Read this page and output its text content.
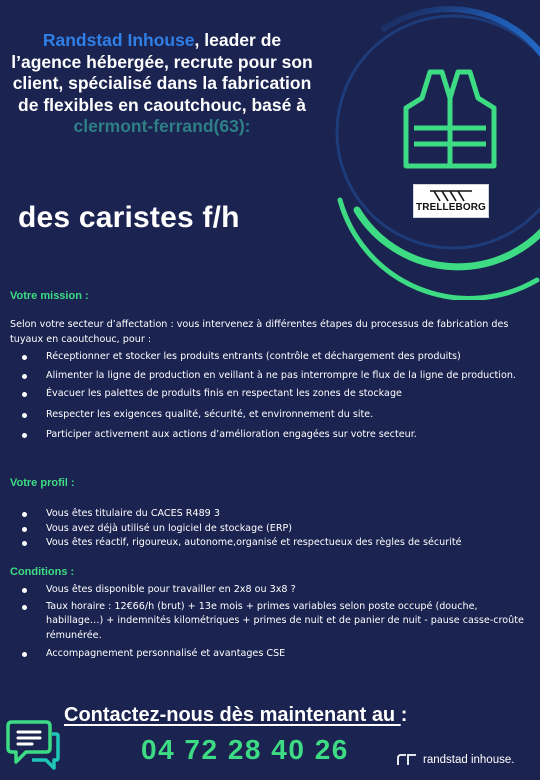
TRELLEBORG
Randstad Inhouse, leader de l’agence hébergée, recrute pour son client, spécialisé dans la fabrication de flexibles en caoutchouc, basé à
clermont-ferrand(63):
des caristes f/h
Votre mission :
Selon votre secteur d’affectation : vous intervenez à différentes étapes du processus de fabrication des tuyaux en caoutchouc, pour :
Réceptionner et stocker les produits entrants (contrôle et déchargement des produits)
Alimenter la ligne de production en veillant à ne pas interrompre le flux de la ligne de production.
Évacuer les palettes de produits finis en respectant les zones de stockage
Respecter les exigences qualité, sécurité, et environnement du site.
Participer activement aux actions d’amélioration engagées sur votre secteur.
Votre profil :
Vous êtes titulaire du CACES R489 3
Vous avez déjà utilisé un logiciel de stockage (ERP)
Vous êtes réactif, rigoureux, autonome,organisé et respectueux des règles de sécurité
Conditions :
Vous êtes disponible pour travailler en 2x8 ou 3x8 ?
Taux horaire : 12€66/h (brut) + 13e mois + primes variables selon poste occupé (douche, habillage…) + indemnités kilométriques + primes de nuit et de panier de nuit - pause casse-croûte rémunérée.
Accompagnement personnalisé et avantages CSE
Contactez-nous dès maintenant au :
04 72 28 40 26	randstad inhouse.
